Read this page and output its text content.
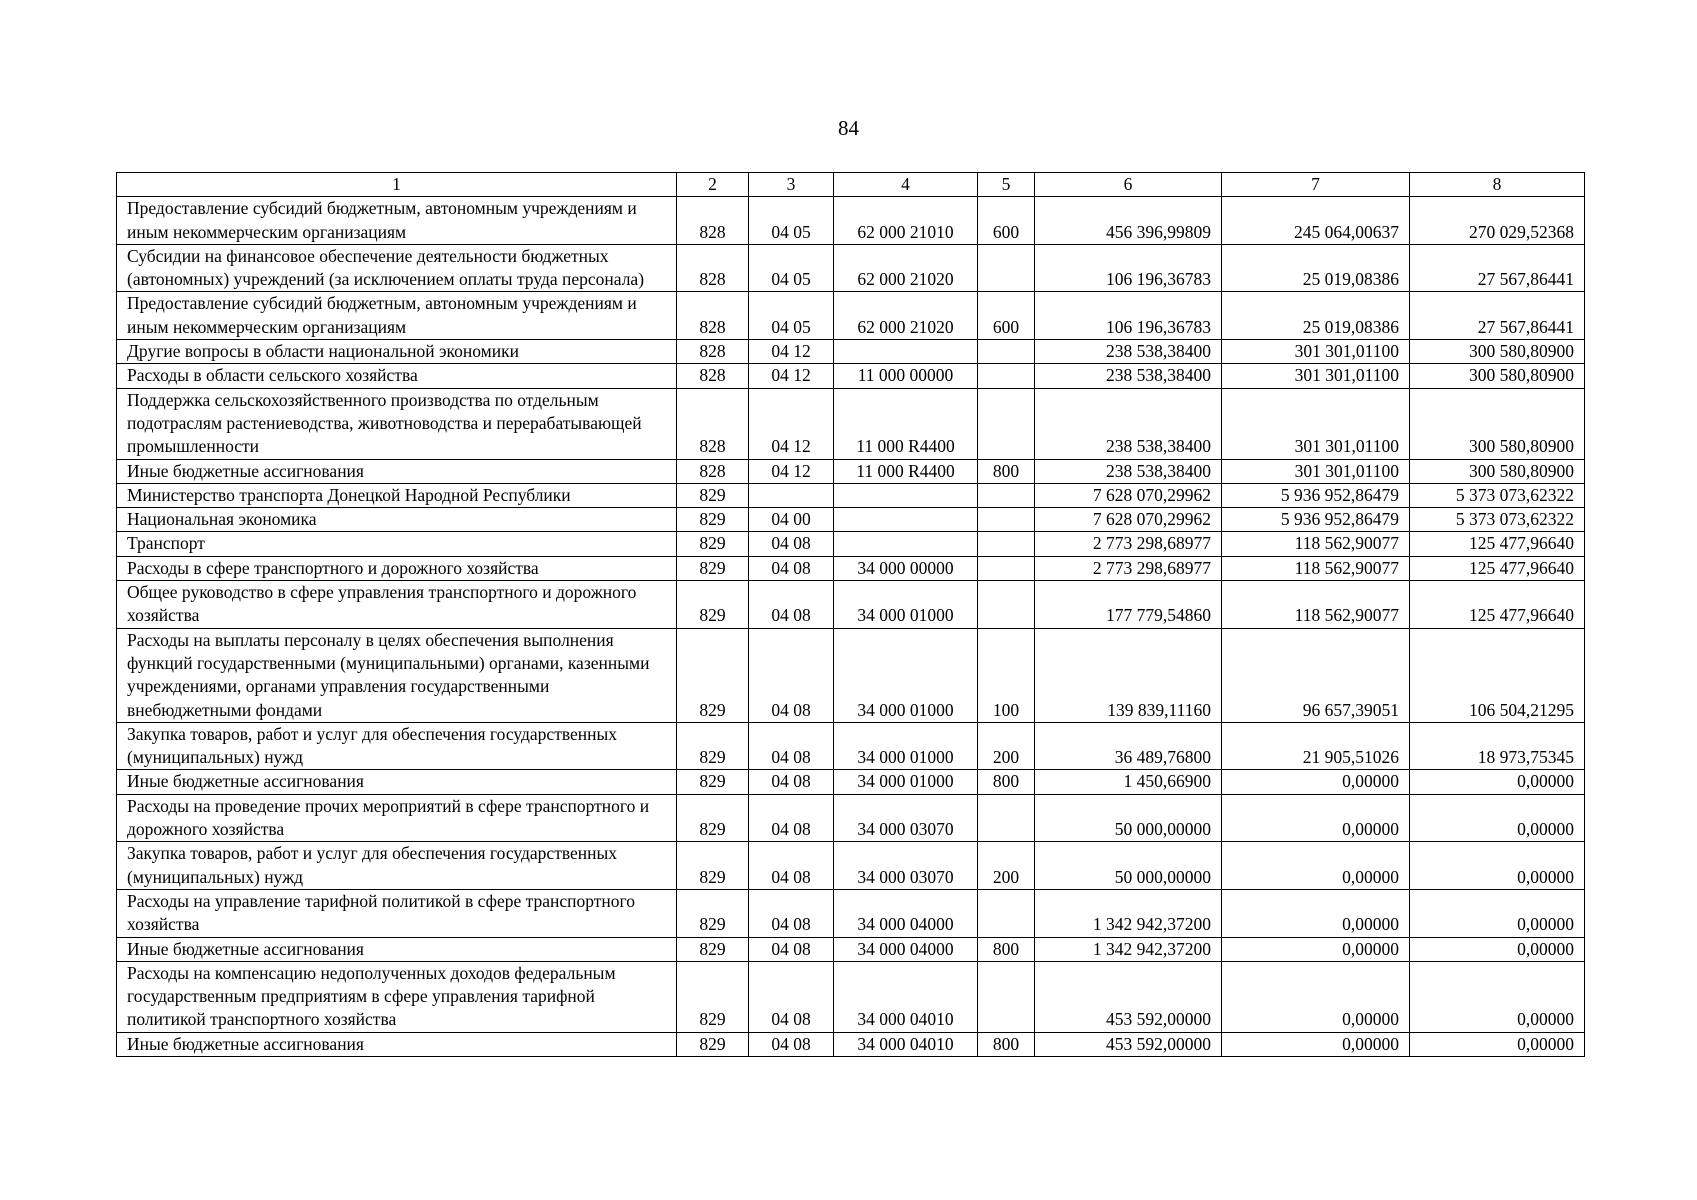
84
1	2	3	4	5	6	7	8
Предоставление субсидий бюджетным, автономным учреждениям и иным некоммерческим организациям	828	04 05	62 000 21010	600	456 396,99809	245 064,00637	270 029,52368
Субсидии на финансовое обеспечение деятельности бюджетных (автономных) учреждений (за исключением оплаты труда персонала)	828	04 05	62 000 21020		106 196,36783	25 019,08386	27 567,86441
Предоставление субсидий бюджетным, автономным учреждениям и иным некоммерческим организациям	828	04 05	62 000 21020	600	106 196,36783	25 019,08386	27 567,86441
Другие вопросы в области национальной экономики	828	04 12			238 538,38400	301 301,01100	300 580,80900
Расходы в области сельского хозяйства	828	04 12	11 000 00000		238 538,38400	301 301,01100	300 580,80900
Поддержка сельскохозяйственного производства по отдельным подотраслям растениеводства, животноводства и перерабатывающей промышленности	828	04 12	11 000 R4400		238 538,38400	301 301,01100	300 580,80900
Иные бюджетные ассигнования	828	04 12	11 000 R4400	800	238 538,38400	301 301,01100	300 580,80900
Министерство транспорта Донецкой Народной Республики	829				7 628 070,29962	5 936 952,86479	5 373 073,62322
Национальная экономика	829	04 00			7 628 070,29962	5 936 952,86479	5 373 073,62322
Транспорт	829	04 08			2 773 298,68977	118 562,90077	125 477,96640
Расходы в сфере транспортного и дорожного хозяйства	829	04 08	34 000 00000		2 773 298,68977	118 562,90077	125 477,96640
Общее руководство в сфере управления транспортного и дорожного хозяйства	829	04 08	34 000 01000		177 779,54860	118 562,90077	125 477,96640
Расходы на выплаты персоналу в целях обеспечения выполнения функций государственными (муниципальными) органами, казенными учреждениями, органами управления государственными внебюджетными фондами	829	04 08	34 000 01000	100	139 839,11160	96 657,39051	106 504,21295
Закупка товаров, работ и услуг для обеспечения государственных (муниципальных) нужд	829	04 08	34 000 01000	200	36 489,76800	21 905,51026	18 973,75345
Иные бюджетные ассигнования	829	04 08	34 000 01000	800	1 450,66900	0,00000	0,00000
Расходы на проведение прочих мероприятий в сфере транспортного и дорожного хозяйства	829	04 08	34 000 03070		50 000,00000	0,00000	0,00000
Закупка товаров, работ и услуг для обеспечения государственных (муниципальных) нужд	829	04 08	34 000 03070	200	50 000,00000	0,00000	0,00000
Расходы на управление тарифной политикой в сфере транспортного хозяйства	829	04 08	34 000 04000		1 342 942,37200	0,00000	0,00000
Иные бюджетные ассигнования	829	04 08	34 000 04000	800	1 342 942,37200	0,00000	0,00000
Расходы на компенсацию недополученных доходов федеральным государственным предприятиям в сфере управления тарифной политикой транспортного хозяйства	829	04 08	34 000 04010		453 592,00000	0,00000	0,00000
Иные бюджетные ассигнования	829	04 08	34 000 04010	800	453 592,00000	0,00000	0,00000
